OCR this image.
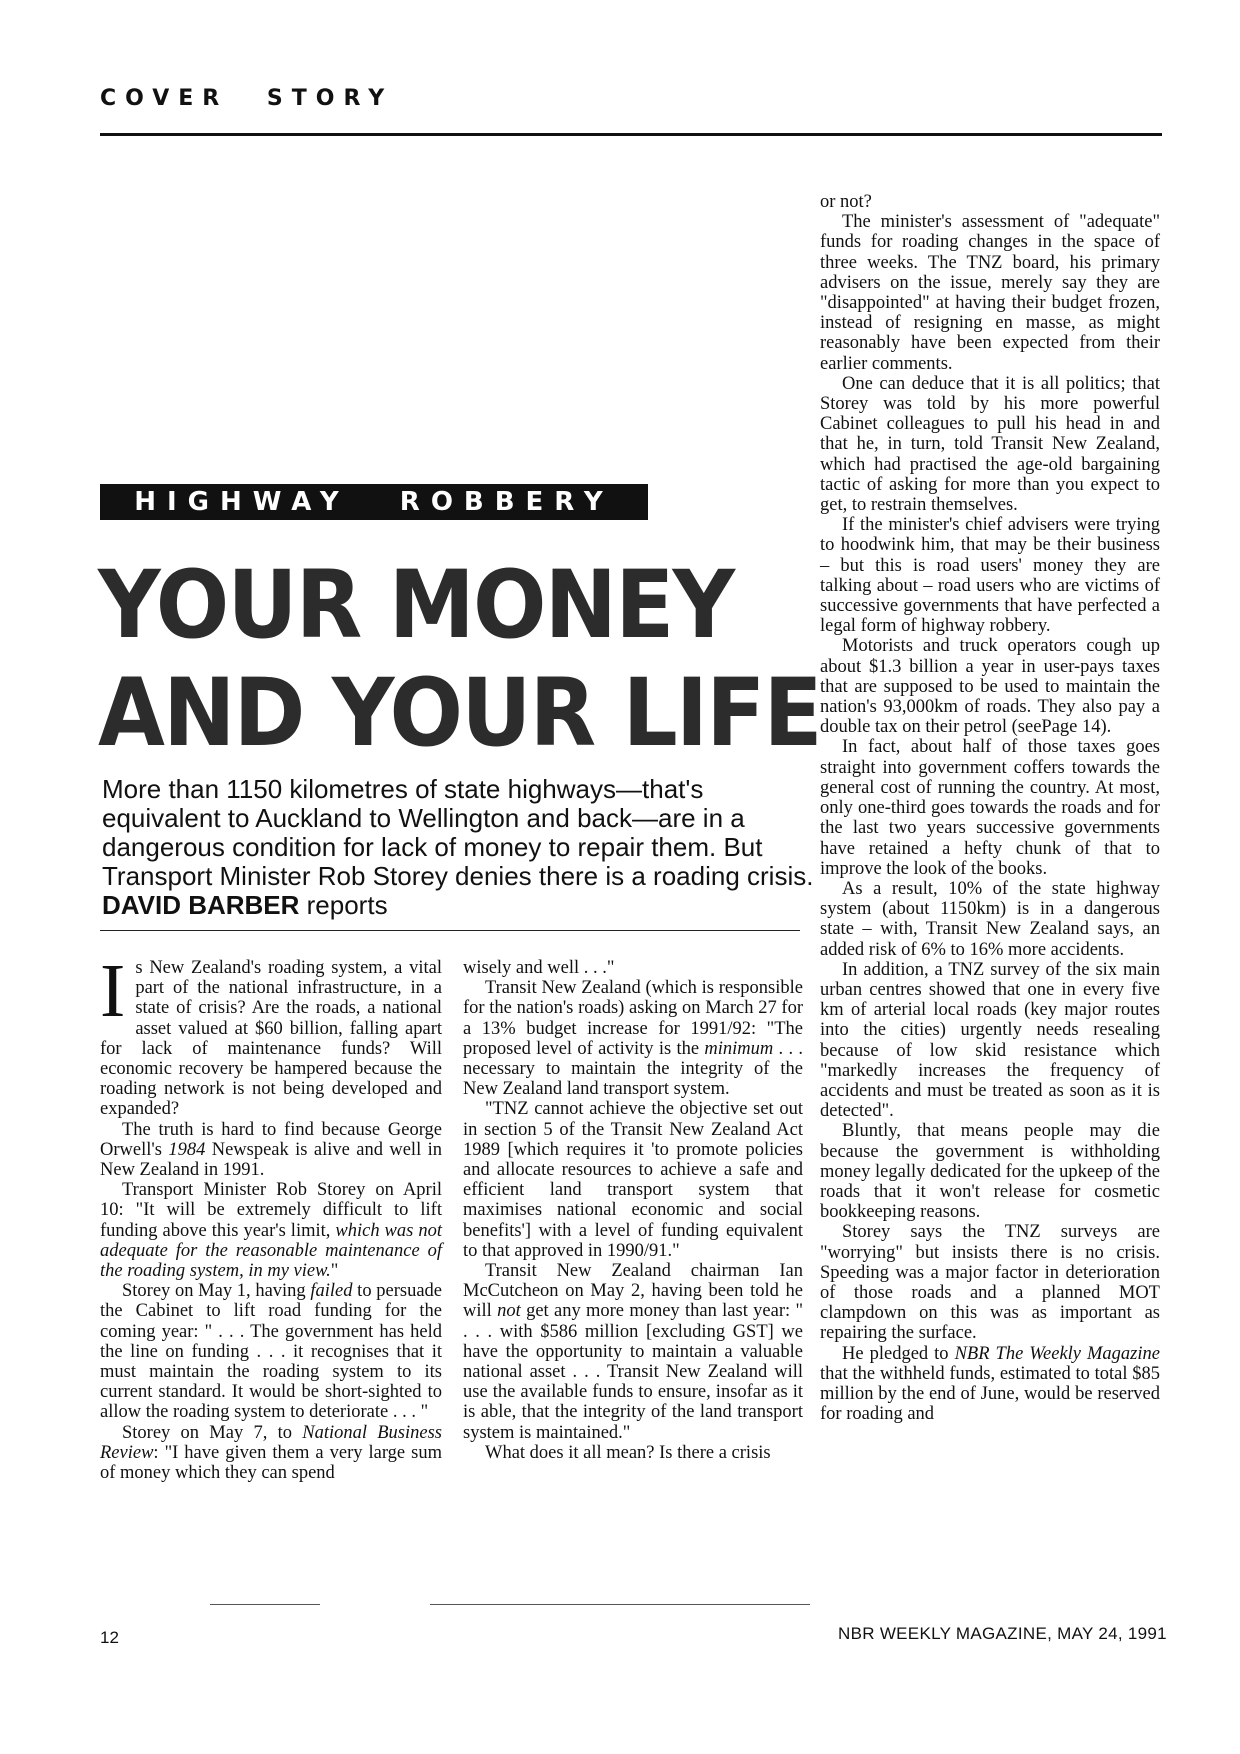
COVER STORY
HIGHWAY ROBBERY
YOUR MONEY
AND YOUR LIFE
More than 1150 kilometres of state highways—that's equivalent to Auckland to Wellington and back—are in a dangerous condition for lack of money to repair them. But Transport Minister Rob Storey denies there is a roading crisis.
DAVID BARBER reports

Is New Zealand's roading system, a vital part of the national infrastructure, in a state of crisis? Are the roads, a national asset valued at $60 billion, falling apart for lack of maintenance funds? Will economic recovery be hampered because the roading network is not being developed and expanded?

The truth is hard to find because George Orwell's 1984 Newspeak is alive and well in New Zealand in 1991.

Transport Minister Rob Storey on April 10: "It will be extremely difficult to lift funding above this year's limit, which was not adequate for the reasonable maintenance of the roading system, in my view."

Storey on May 1, having failed to persuade the Cabinet to lift road funding for the coming year: " . . . The government has held the line on funding . . . it recognises that it must maintain the roading system to its current standard. It would be short-sighted to allow the roading system to deteriorate . . . "

Storey on May 7, to National Business Review: "I have given them a very large sum of money which they can spend

wisely and well . . ."

Transit New Zealand (which is responsible for the nation's roads) asking on March 27 for a 13% budget increase for 1991/92: "The proposed level of activity is the minimum . . . necessary to maintain the integrity of the New Zealand land transport system.

"TNZ cannot achieve the objective set out in section 5 of the Transit New Zealand Act 1989 [which requires it 'to promote policies and allocate resources to achieve a safe and efficient land transport system that maximises national economic and social benefits'] with a level of funding equivalent to that approved in 1990/91."

Transit New Zealand chairman Ian McCutcheon on May 2, having been told he will not get any more money than last year: " . . . with $586 million [excluding GST] we have the opportunity to maintain a valuable national asset . . . Transit New Zealand will use the available funds to ensure, insofar as it is able, that the integrity of the land transport system is maintained."

What does it all mean? Is there a crisis

or not?

The minister's assessment of "adequate" funds for roading changes in the space of three weeks. The TNZ board, his primary advisers on the issue, merely say they are "disappointed" at having their budget frozen, instead of resigning en masse, as might reasonably have been expected from their earlier comments.

One can deduce that it is all politics; that Storey was told by his more powerful Cabinet colleagues to pull his head in and that he, in turn, told Transit New Zealand, which had practised the age-old bargaining tactic of asking for more than you expect to get, to restrain themselves.

If the minister's chief advisers were trying to hoodwink him, that may be their business – but this is road users' money they are talking about – road users who are victims of successive governments that have perfected a legal form of highway robbery.

Motorists and truck operators cough up about $1.3 billion a year in user-pays taxes that are supposed to be used to maintain the nation's 93,000km of roads. They also pay a double tax on their petrol (seePage 14).

In fact, about half of those taxes goes straight into government coffers towards the general cost of running the country. At most, only one-third goes towards the roads and for the last two years successive governments have retained a hefty chunk of that to improve the look of the books.

As a result, 10% of the state highway system (about 1150km) is in a dangerous state – with, Transit New Zealand says, an added risk of 6% to 16% more accidents.

In addition, a TNZ survey of the six main urban centres showed that one in every five km of arterial local roads (key major routes into the cities) urgently needs resealing because of low skid resistance which "markedly increases the frequency of accidents and must be treated as soon as it is detected".

Bluntly, that means people may die because the government is withholding money legally dedicated for the upkeep of the roads that it won't release for cosmetic bookkeeping reasons.

Storey says the TNZ surveys are "worrying" but insists there is no crisis. Speeding was a major factor in deterioration of those roads and a planned MOT clampdown on this was as important as repairing the surface.

He pledged to NBR The Weekly Magazine that the withheld funds, estimated to total $85 million by the end of June, would be reserved for roading and

12	NBR WEEKLY MAGAZINE, MAY 24, 1991
